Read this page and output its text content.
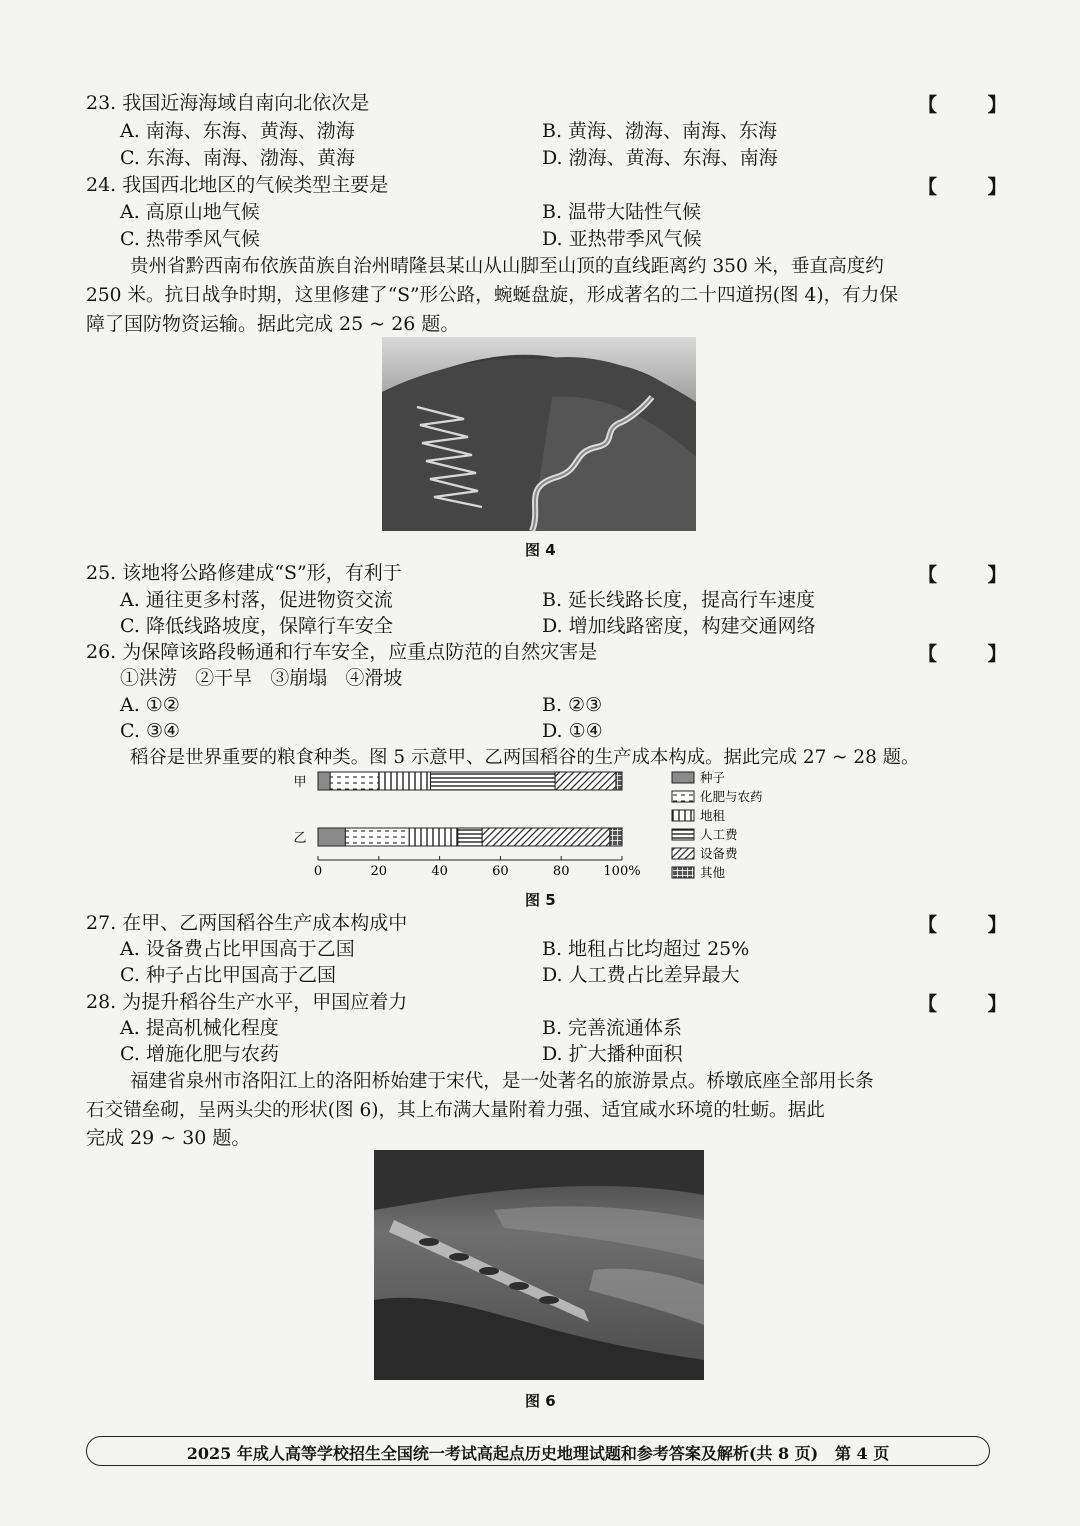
23. 我国近海海域自南向北依次是	【 】
A. 南海、东海、黄海、渤海	B. 黄海、渤海、南海、东海
C. 东海、南海、渤海、黄海	D. 渤海、黄海、东海、南海
24. 我国西北地区的气候类型主要是	【 】
A. 高原山地气候	B. 温带大陆性气候
C. 热带季风气候	D. 亚热带季风气候
贵州省黔西南布依族苗族自治州晴隆县某山从山脚至山顶的直线距离约 350 米，垂直高度约
250 米。抗日战争时期，这里修建了“S”形公路，蜿蜒盘旋，形成著名的二十四道拐(图 4)，有力保
障了国防物资运输。据此完成 25 ~ 26 题。
图 4
25. 该地将公路修建成“S”形，有利于	【 】
A. 通往更多村落，促进物资交流	B. 延长线路长度，提高行车速度
C. 降低线路坡度，保障行车安全	D. 增加线路密度，构建交通网络
26. 为保障该路段畅通和行车安全，应重点防范的自然灾害是	【 】
①洪涝   ②干旱   ③崩塌   ④滑坡
A. ①②	B. ②③
C. ③④	D. ①④
稻谷是世界重要的粮食种类。图 5 示意甲、乙两国稻谷的生产成本构成。据此完成 27 ~ 28 题。
甲
乙
0	20	40	60	80	100%
种子
化肥与农药
地租
人工费
设备费
其他
图 5
27. 在甲、乙两国稻谷生产成本构成中	【 】
A. 设备费占比甲国高于乙国	B. 地租占比均超过 25%
C. 种子占比甲国高于乙国	D. 人工费占比差异最大
28. 为提升稻谷生产水平，甲国应着力	【 】
A. 提高机械化程度	B. 完善流通体系
C. 增施化肥与农药	D. 扩大播种面积
福建省泉州市洛阳江上的洛阳桥始建于宋代，是一处著名的旅游景点。桥墩底座全部用长条
石交错垒砌，呈两头尖的形状(图 6)，其上布满大量附着力强、适宜咸水环境的牡蛎。据此
完成 29 ~ 30 题。
图 6
2025 年成人高等学校招生全国统一考试高起点历史地理试题和参考答案及解析(共 8 页)   第 4 页
